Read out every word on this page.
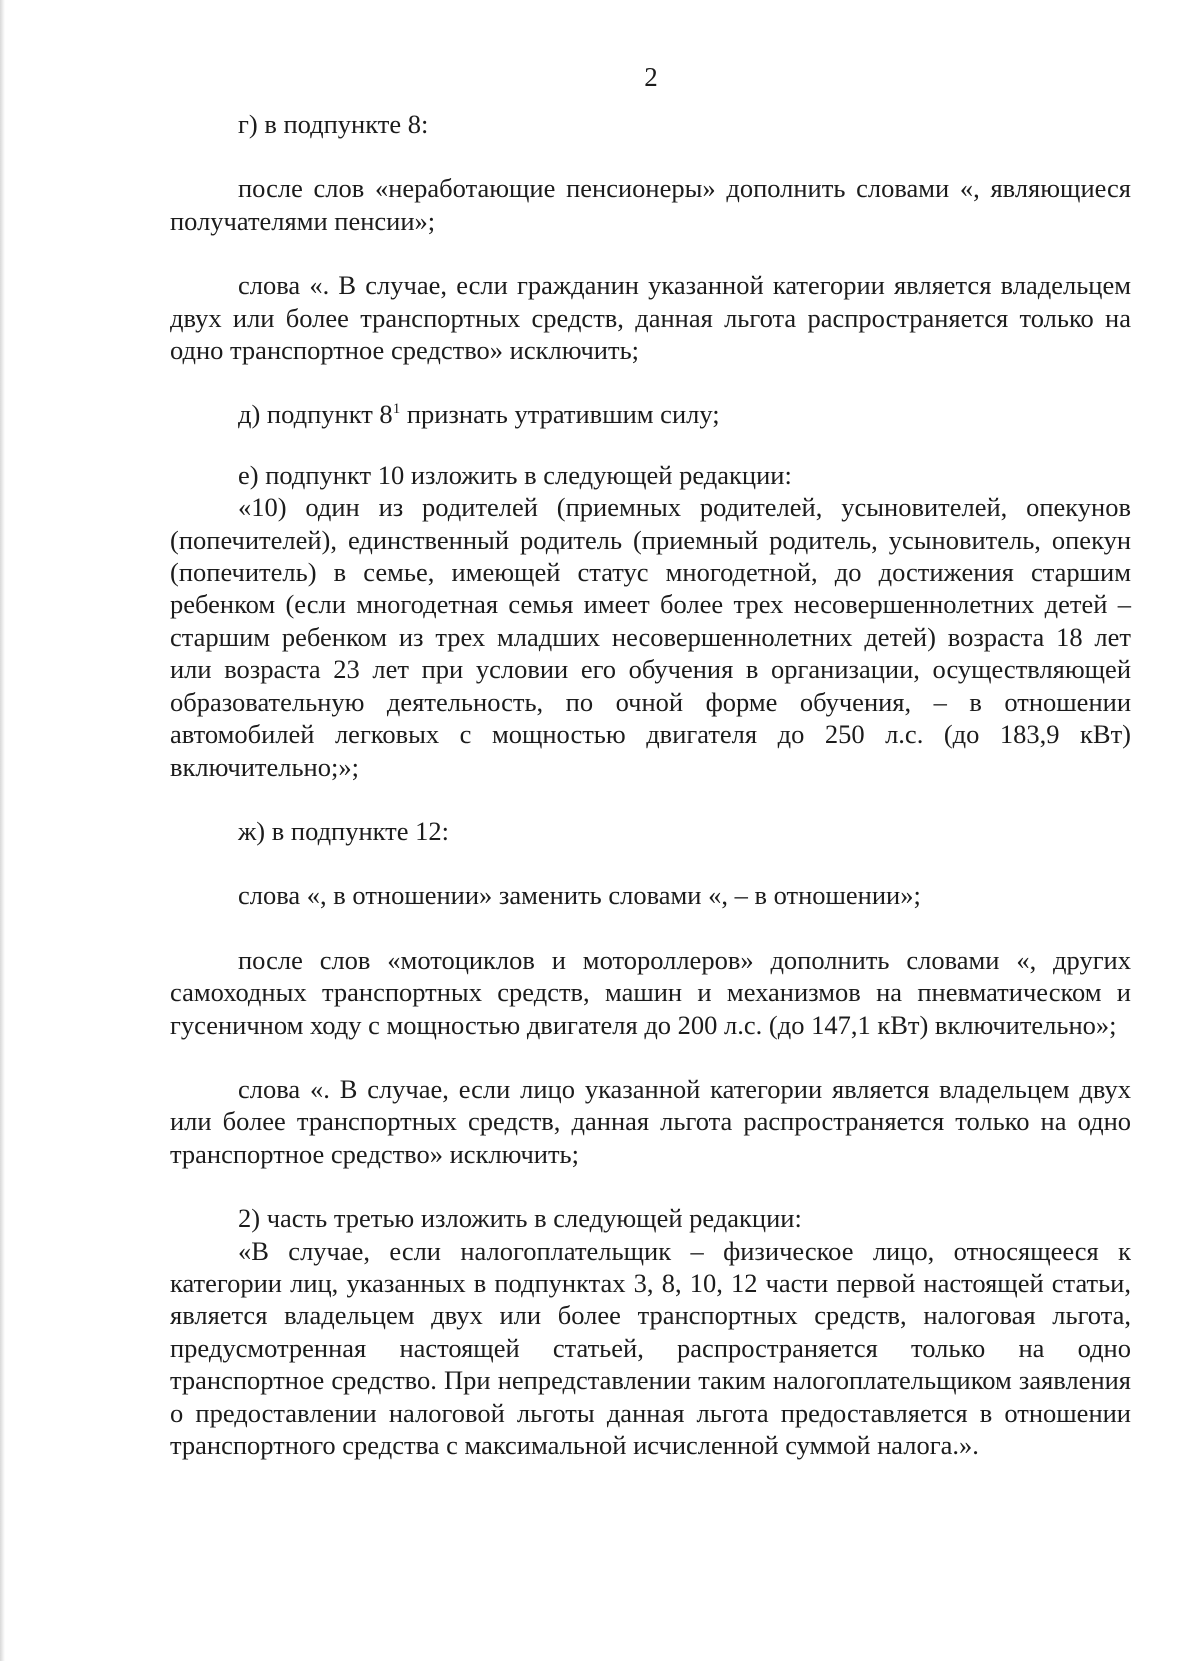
2

г) в подпункте 8:

после слов «неработающие пенсионеры» дополнить словами «, являющиеся получателями пенсии»;

слова «. В случае, если гражданин указанной категории является владельцем двух или более транспортных средств, данная льгота распространяется только на одно транспортное средство» исключить;

д) подпункт $8^1$ признать утратившим силу;

е) подпункт 10 изложить в следующей редакции:

«10) один из родителей (приемных родителей, усыновителей, опекунов (попечителей), единственный родитель (приемный родитель, усыновитель, опекун (попечитель) в семье, имеющей статус многодетной, до достижения старшим ребенком (если многодетная семья имеет более трех несовершеннолетних детей – старшим ребенком из трех младших несовершеннолетних детей) возраста 18 лет или возраста 23 лет при условии его обучения в организации, осуществляющей образовательную деятельность, по очной форме обучения, – в отношении автомобилей легковых с мощностью двигателя до 250 л.с. (до 183,9 кВт) включительно;»;

ж) в подпункте 12:

слова «, в отношении» заменить словами «, – в отношении»;

после слов «мотоциклов и мотороллеров» дополнить словами «, других самоходных транспортных средств, машин и механизмов на пневматическом и гусеничном ходу с мощностью двигателя до 200 л.с. (до 147,1 кВт) включительно»;

слова «. В случае, если лицо указанной категории является владельцем двух или более транспортных средств, данная льгота распространяется только на одно транспортное средство» исключить;

2) часть третью изложить в следующей редакции:

«В случае, если налогоплательщик – физическое лицо, относящееся к категории лиц, указанных в подпунктах 3, 8, 10, 12 части первой настоящей статьи, является владельцем двух или более транспортных средств, налоговая льгота, предусмотренная настоящей статьей, распространяется только на одно транспортное средство. При непредставлении таким налогоплательщиком заявления о предоставлении налоговой льготы данная льгота предоставляется в отношении транспортного средства с максимальной исчисленной суммой налога.».
